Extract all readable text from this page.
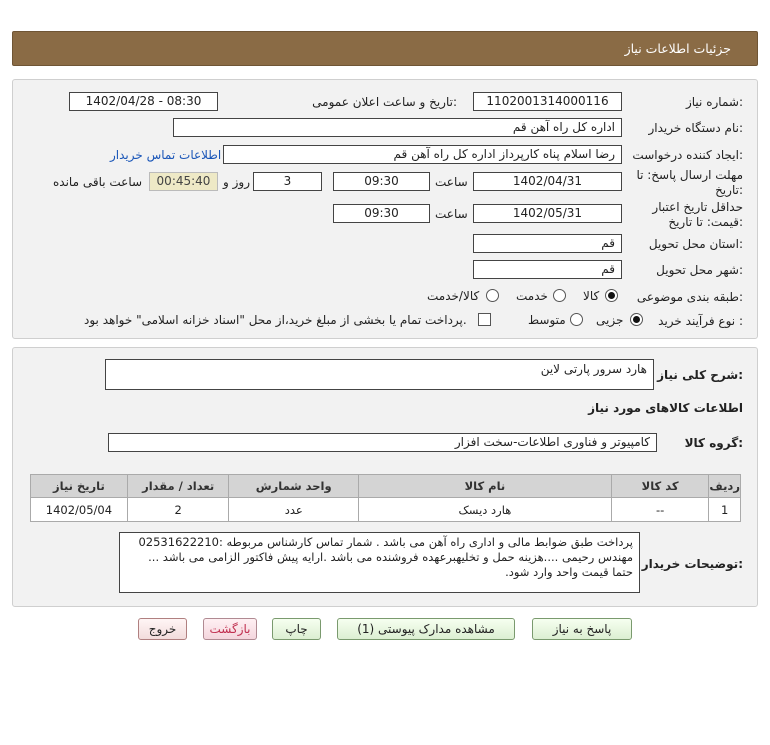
جزئیات اطلاعات نیاز
شماره نیاز:
1102001314000116
تاریخ و ساعت اعلان عمومی:
1402/04/28 - 08:30
نام دستگاه خریدار:
اداره کل راه آهن قم
ایجاد کننده درخواست:
رضا اسلام پناه کارپرداز اداره کل راه آهن قم
اطلاعات تماس خریدار
مهلت ارسال پاسخ: تا
تاریخ:
1402/04/31
ساعت
09:30
3
روز و
00:45:40
ساعت باقی مانده
حداقل تاریخ اعتبار
قیمت: تا تاریخ:
1402/05/31
ساعت
09:30
استان محل تحویل:
قم
شهر محل تحویل:
قم
طبقه بندی موضوعی:
کالا
خدمت
کالا/خدمت
نوع فرآیند خرید :
جزیی
متوسط
پرداخت تمام یا بخشی از مبلغ خرید،از محل "اسناد خزانه اسلامی" خواهد بود.
شرح کلی نیاز:
هارد سرور پارتی لاین
اطلاعات کالاهای مورد نیاز
گروه کالا:
کامپیوتر و فناوری اطلاعات-سخت افزار
تاریخ نیاز	تعداد / مقدار	واحد شمارش	نام کالا	کد کالا	ردیف
1402/05/04	2	عدد	هارد دیسک	--	1
توضیحات خریدار:
پرداخت طبق ضوابط مالی و اداری راه آهن می باشد . شمار تماس کارشناس مربوطه :02531622210 مهندس رحیمی ....هزینه حمل و تخلیهبرعهده فروشنده می باشد .ارایه پیش فاکتور الزامی می باشد ... حتما قیمت واحد وارد شود.
پاسخ به نیاز
مشاهده مدارک پیوستی (1)
چاپ
بازگشت
خروج
